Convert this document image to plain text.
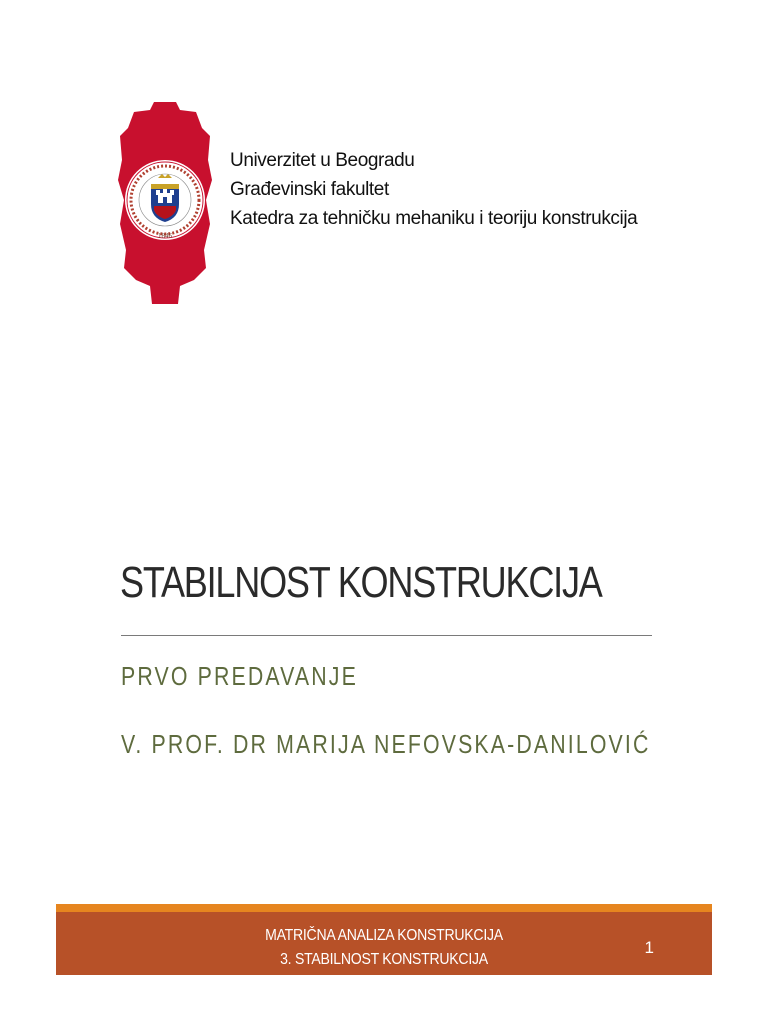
1846
Univerzitet u Beogradu
Građevinski fakultet
Katedra za tehničku mehaniku i teoriju konstrukcija
STABILNOST KONSTRUKCIJA
PRVO PREDAVANJE
V. PROF. DR MARIJA NEFOVSKA-DANILOVIĆ
MATRIČNA ANALIZA KONSTRUKCIJA
3. STABILNOST KONSTRUKCIJA
1
